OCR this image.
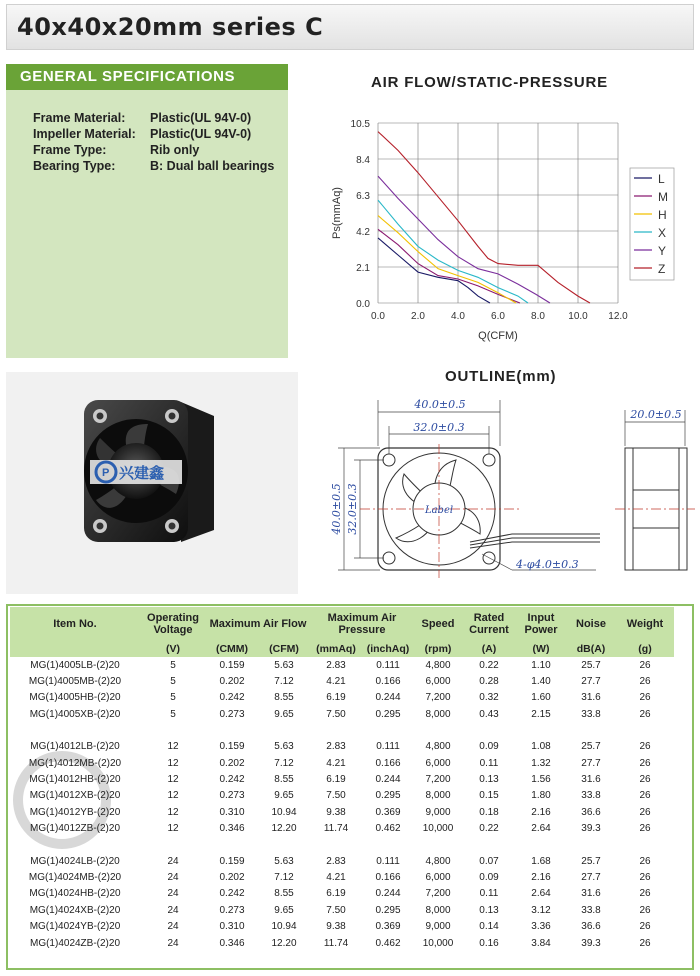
40x40x20mm series C
GENERAL SPECIFICATIONS
Frame Material: Plastic(UL 94V-0)
Impeller Material: Plastic(UL 94V-0)
Frame Type:	Rib only
Bearing Type:	B: Dual ball bearings
P 兴建鑫
AIR FLOW/STATIC-PRESSURE
0.0	2.0	4.0	6.0	8.0 10.0 12.0
0.0
2.1
4.2
6.3
8.4
10.5
Q(CFM)
Ps(mmAq)
L
M
H
X
Y
Z
OUTLINE(mm)
40.0±0.5
32.0±0.3
40.0±0.5 32.0±0.3	Label
4-φ4.0±0.3
20.0±0.5
Item No.	Operating Voltage	Maximum Air Flow		Maximum Air Pressure		Speed	Rated Current	Input Power	Noise	Weight
	(V)	(CMM)	(CFM)	(mmAq)	(inchAq)	(rpm)	(A)	(W)	dB(A)	(g)
MG(1)4005LB-(2)20	5	0.159	5.63	2.83	0.111	4,800	0.22	1.10	25.7	26
MG(1)4005MB-(2)20	5	0.202	7.12	4.21	0.166	6,000	0.28	1.40	27.7	26
MG(1)4005HB-(2)20	5	0.242	8.55	6.19	0.244	7,200	0.32	1.60	31.6	26
MG(1)4005XB-(2)20	5	0.273	9.65	7.50	0.295	8,000	0.43	2.15	33.8	26

MG(1)4012LB-(2)20	12	0.159	5.63	2.83	0.111	4,800	0.09	1.08	25.7	26
MG(1)4012MB-(2)20	12	0.202	7.12	4.21	0.166	6,000	0.11	1.32	27.7	26
MG(1)4012HB-(2)20	12	0.242	8.55	6.19	0.244	7,200	0.13	1.56	31.6	26
MG(1)4012XB-(2)20	12	0.273	9.65	7.50	0.295	8,000	0.15	1.80	33.8	26
MG(1)4012YB-(2)20	12	0.310	10.94	9.38	0.369	9,000	0.18	2.16	36.6	26
MG(1)4012ZB-(2)20	12	0.346	12.20	11.74	0.462	10,000	0.22	2.64	39.3	26

MG(1)4024LB-(2)20	24	0.159	5.63	2.83	0.111	4,800	0.07	1.68	25.7	26
MG(1)4024MB-(2)20	24	0.202	7.12	4.21	0.166	6,000	0.09	2.16	27.7	26
MG(1)4024HB-(2)20	24	0.242	8.55	6.19	0.244	7,200	0.11	2.64	31.6	26
MG(1)4024XB-(2)20	24	0.273	9.65	7.50	0.295	8,000	0.13	3.12	33.8	26
MG(1)4024YB-(2)20	24	0.310	10.94	9.38	0.369	9,000	0.14	3.36	36.6	26
MG(1)4024ZB-(2)20	24	0.346	12.20	11.74	0.462	10,000	0.16	3.84	39.3	26
